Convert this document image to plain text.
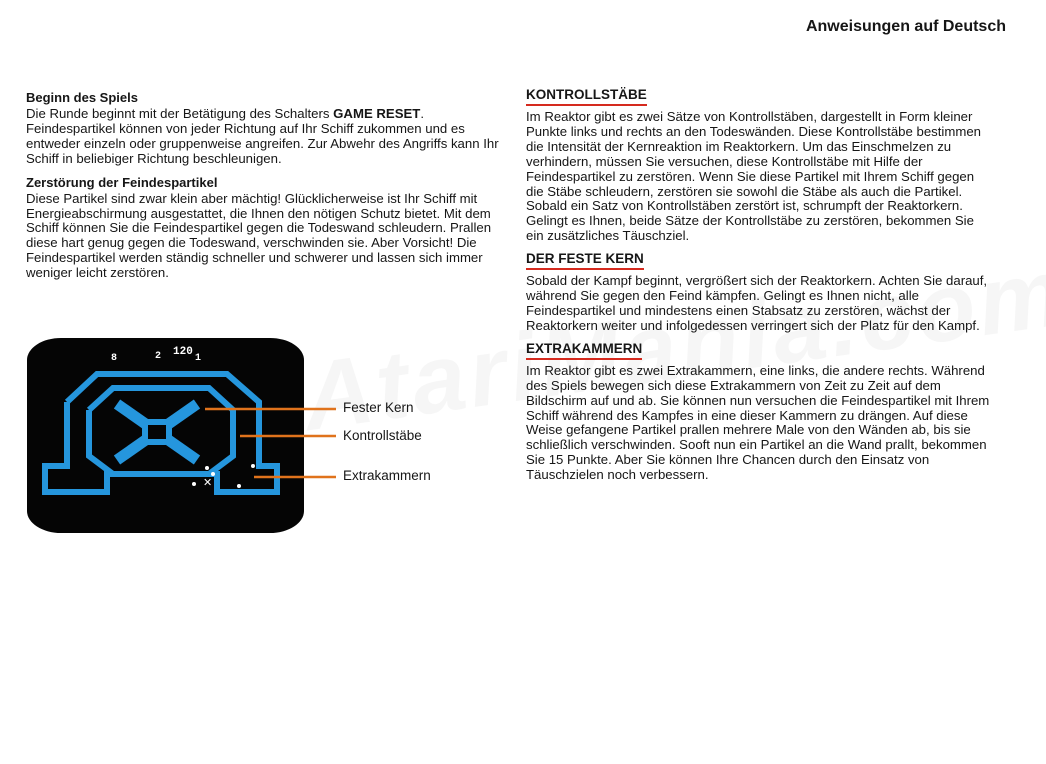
Anweisungen auf Deutsch
Beginn des Spiels

Die Runde beginnt mit der Betätigung des Schalters GAME RESET. Feindespartikel können von jeder Richtung auf Ihr Schiff zukommen und es entweder einzeln oder gruppenweise angreifen. Zur Abwehr des Angriffs kann Ihr Schiff in beliebiger Richtung beschleunigen.

Zerstörung der Feindespartikel

Diese Partikel sind zwar klein aber mächtig! Glücklicherweise ist Ihr Schiff mit Energieabschirmung ausgestattet, die Ihnen den nötigen Schutz bietet. Mit dem Schiff können Sie die Feindespartikel gegen die Todeswand schleudern. Prallen diese hart genug gegen die Todeswand, verschwinden sie. Aber Vorsicht! Die Feindespartikel werden ständig schneller und schwerer und lassen sich immer weniger leicht zerstören.

120
8	2	1
✕
Fester Kern
Kontrollstäbe
Extrakammern
KONTROLLSTÄBE

Im Reaktor gibt es zwei Sätze von Kontrollstäben, dargestellt in Form kleiner Punkte links und rechts an den Todeswänden. Diese Kontrollstäbe bestimmen die Intensität der Kernreaktion im Reaktorkern. Um das Einschmelzen zu verhindern, müssen Sie versuchen, diese Kontrollstäbe mit Hilfe der Feindespartikel zu zerstören. Wenn Sie diese Partikel mit Ihrem Schiff gegen die Stäbe schleudern, zerstören sie sowohl die Stäbe als auch die Partikel. Sobald ein Satz von Kontrollstäben zerstört ist, schrumpft der Reaktorkern. Gelingt es Ihnen, beide Sätze der Kontrollstäbe zu zerstören, bekommen Sie ein zusätzliches Täuschziel.

DER FESTE KERN

Sobald der Kampf beginnt, vergrößert sich der Reaktorkern. Achten Sie darauf, während Sie gegen den Feind kämpfen. Gelingt es Ihnen nicht, alle Feindespartikel und mindestens einen Stabsatz zu zerstören, wächst der Reaktorkern weiter und infolgedessen verringert sich der Platz für den Kampf.

EXTRAKAMMERN

Im Reaktor gibt es zwei Extrakammern, eine links, die andere rechts. Während des Spiels bewegen sich diese Extrakammern von Zeit zu Zeit auf dem Bildschirm auf und ab. Sie können nun versuchen die Feindespartikel mit Ihrem Schiff während des Kampfes in eine dieser Kammern zu drängen. Auf diese Weise gefangene Partikel prallen mehrere Male von den Wänden ab, bis sie schließlich verschwinden. Sooft nun ein Partikel an die Wand prallt, bekommen Sie 15 Punkte. Aber Sie können Ihre Chancen durch den Einsatz von Täuschzielen noch verbessern.
